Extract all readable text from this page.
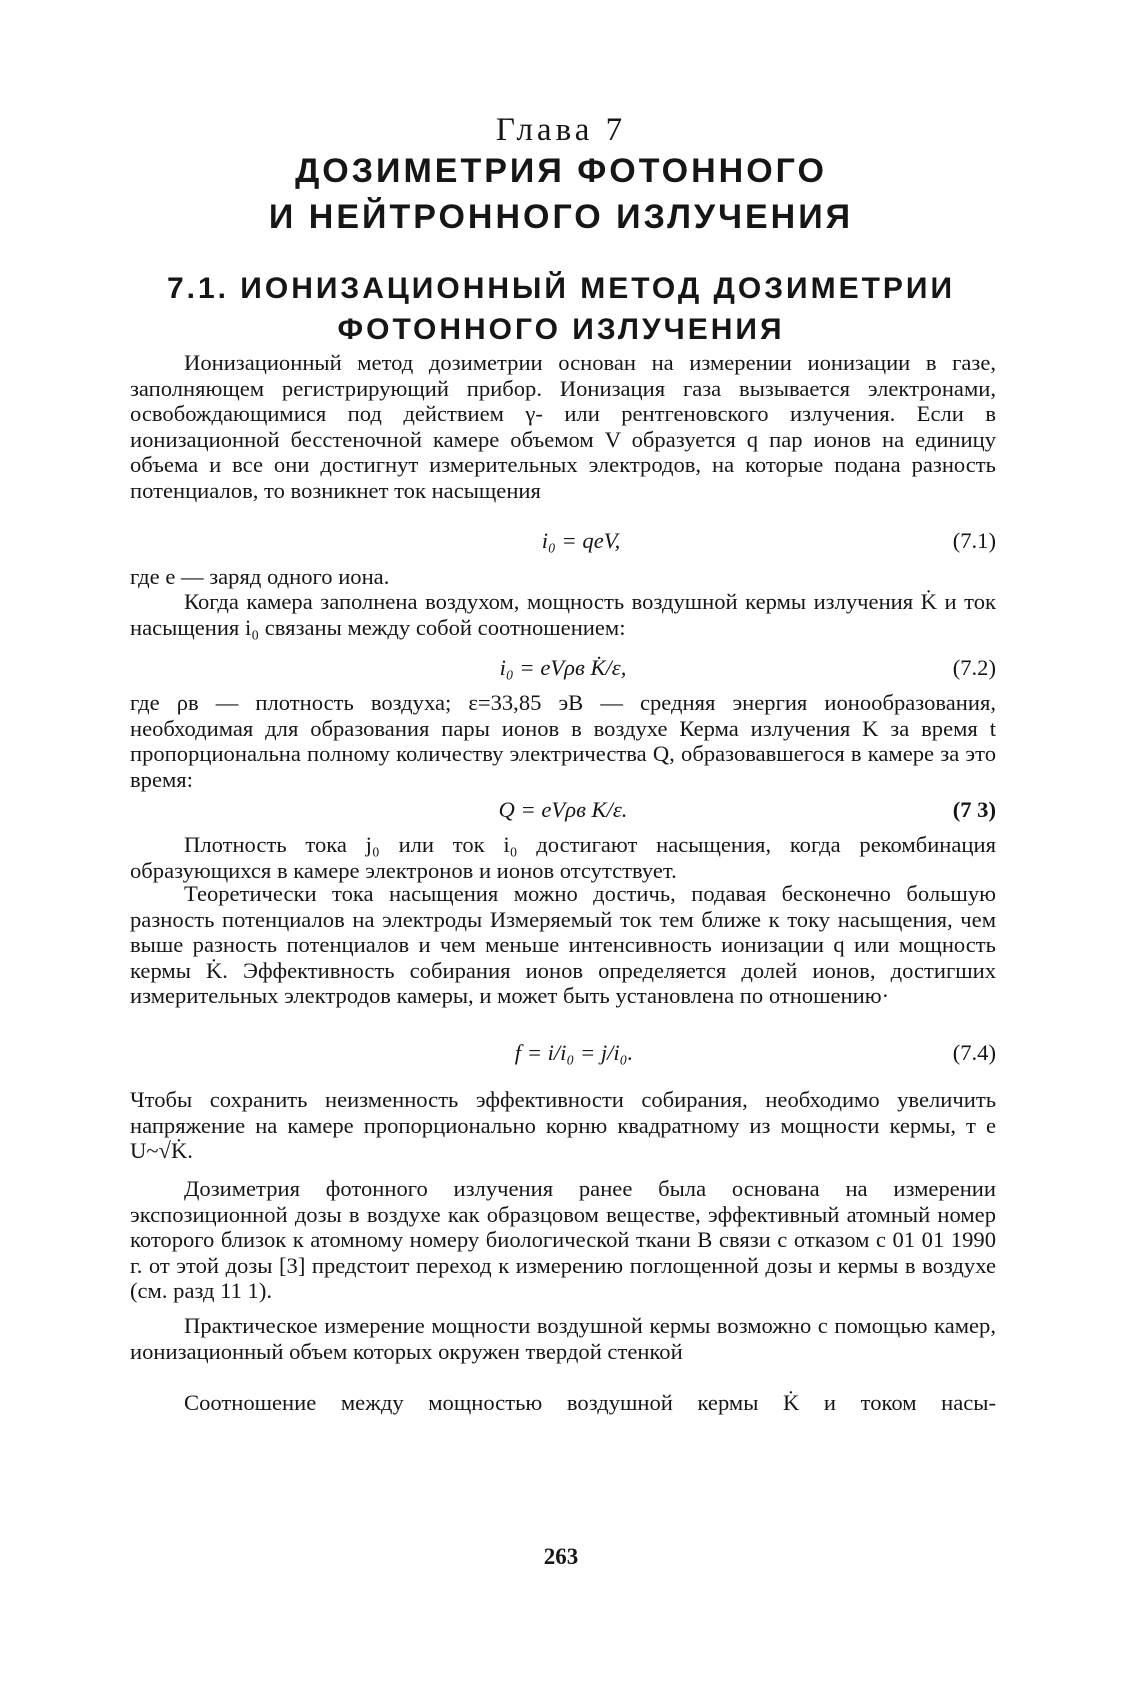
Глава 7
ДОЗИМЕТРИЯ ФОТОННОГО
И НЕЙТРОННОГО ИЗЛУЧЕНИЯ
7.1. ИОНИЗАЦИОННЫЙ МЕТОД ДОЗИМЕТРИИ
ФОТОННОГО ИЗЛУЧЕНИЯ
Ионизационный метод дозиметрии основан на измерении ионизации в газе, заполняющем регистрирующий прибор. Ионизация газа вызывается электронами, освобождающимися под действием γ- или рентгеновского излучения. Если в ионизационной бесстеночной камере объемом V образуется q пар ионов на единицу объема и все они достигнут измерительных электродов, на которые подана разность потенциалов, то возникнет ток насыщения
i₀ = qeV,	(7.1)
где e — заряд одного иона.
Когда камера заполнена воздухом, мощность воздушной кермы излучения K̇ и ток насыщения i₀ связаны между собой соотношением:
i₀ = eVρв K̇/ε,	(7.2)
где ρв — плотность воздуха; ε=33,85 эВ — средняя энергия ионообразования, необходимая для образования пары ионов в воздухе Керма излучения K за время t пропорциональна полному количеству электричества Q, образовавшегося в камере за это время:
Q = eVρв K/ε.	(7 3)
Плотность тока j₀ или ток i₀ достигают насыщения, когда рекомбинация образующихся в камере электронов и ионов отсутствует.
Теоретически тока насыщения можно достичь, подавая бесконечно большую разность потенциалов на электроды Измеряемый ток тем ближе к току насыщения, чем выше разность потенциалов и чем меньше интенсивность ионизации q или мощность кермы K̇. Эффективность собирания ионов определяется долей ионов, достигших измерительных электродов камеры, и может быть установлена по отношению·
f = i/i₀ = j/i₀.	(7.4)
Чтобы сохранить неизменность эффективности собирания, необходимо увеличить напряжение на камере пропорционально корню квадратному из мощности кермы, т е U~√K̇.
Дозиметрия фотонного излучения ранее была основана на измерении экспозиционной дозы в воздухе как образцовом веществе, эффективный атомный номер которого близок к атомному номеру биологической ткани В связи с отказом с 01 01 1990 г. от этой дозы [3] предстоит переход к измерению поглощенной дозы и кермы в воздухе (см. разд 11 1).
Практическое измерение мощности воздушной кермы возможно с помощью камер, ионизационный объем которых окружен твердой стенкой
Соотношение между мощностью воздушной кермы K̇ и током насы-
263
